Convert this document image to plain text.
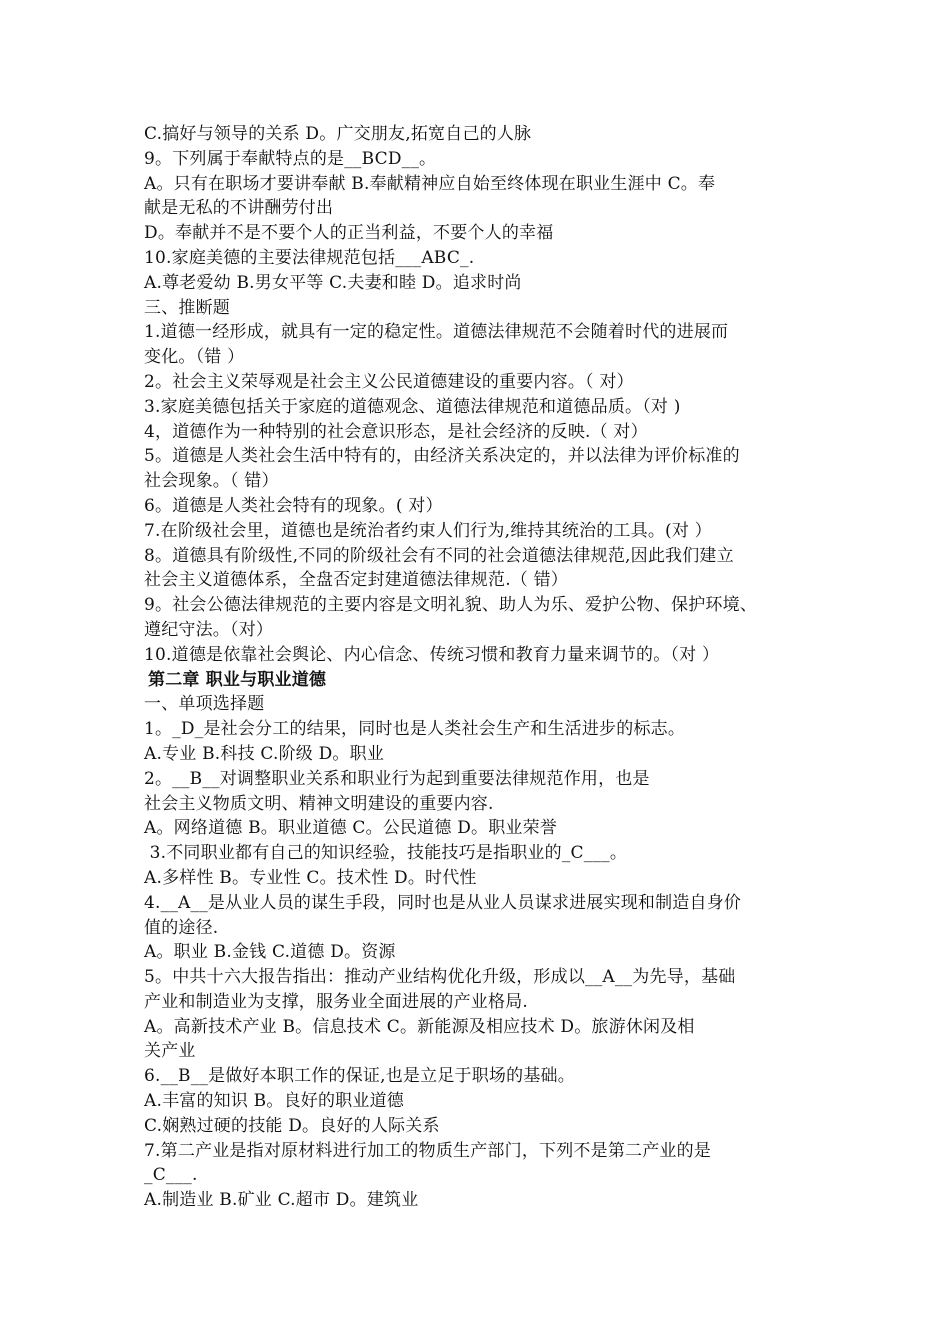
C.搞好与领导的关系 D。广交朋友,拓宽自己的人脉
9。下列属于奉献特点的是__BCD__。
A。只有在职场才要讲奉献 B.奉献精神应自始至终体现在职业生涯中 C。奉
献是无私的不讲酬劳付出
D。奉献并不是不要个人的正当利益，不要个人的幸福
10.家庭美德的主要法律规范包括___ABC_.
A.尊老爱幼 B.男女平等 C.夫妻和睦 D。追求时尚
三、推断题
1.道德一经形成，就具有一定的稳定性。道德法律规范不会随着时代的进展而
变化。（错 ）
2。社会主义荣辱观是社会主义公民道德建设的重要内容。（ 对）
3.家庭美德包括关于家庭的道德观念、道德法律规范和道德品质。（对 )
4，道德作为一种特别的社会意识形态，是社会经济的反映.（ 对）
5。道德是人类社会生活中特有的，由经济关系决定的，并以法律为评价标准的
社会现象。（ 错）
6。道德是人类社会特有的现象。( 对）
7.在阶级社会里，道德也是统治者约束人们行为,维持其统治的工具。(对 ）
8。道德具有阶级性,不同的阶级社会有不同的社会道德法律规范,因此我们建立
社会主义道德体系，全盘否定封建道德法律规范.（ 错）
9。社会公德法律规范的主要内容是文明礼貌、助人为乐、爱护公物、保护环境、
遵纪守法。（对）
10.道德是依靠社会舆论、内心信念、传统习惯和教育力量来调节的。（对 ）
第二章 职业与职业道德
一、单项选择题
1。_D_是社会分工的结果，同时也是人类社会生产和生活进步的标志。
A.专业 B.科技 C.阶级 D。职业
2。__B__对调整职业关系和职业行为起到重要法律规范作用，也是
社会主义物质文明、精神文明建设的重要内容.
A。网络道德 B。职业道德 C。公民道德 D。职业荣誉
3.不同职业都有自己的知识经验，技能技巧是指职业的_C___。
A.多样性 B。专业性 C。技术性 D。时代性
4.__A__是从业人员的谋生手段，同时也是从业人员谋求进展实现和制造自身价
值的途径.
A。职业 B.金钱 C.道德 D。资源
5。中共十六大报告指出：推动产业结构优化升级，形成以__A__为先导，基础
产业和制造业为支撑，服务业全面进展的产业格局.
A。高新技术产业 B。信息技术 C。新能源及相应技术 D。旅游休闲及相
关产业
6.__B__是做好本职工作的保证,也是立足于职场的基础。
A.丰富的知识 B。良好的职业道德
C.娴熟过硬的技能 D。良好的人际关系
7.第二产业是指对原材料进行加工的物质生产部门，下列不是第二产业的是
_C___.
A.制造业 B.矿业 C.超市 D。建筑业
